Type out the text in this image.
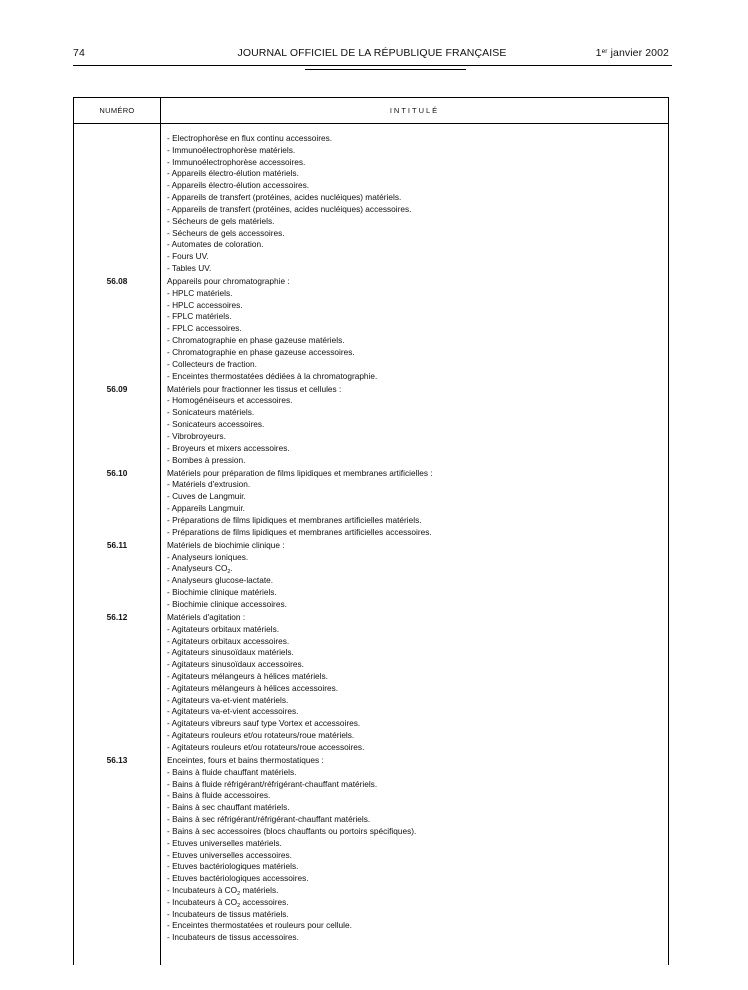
74	JOURNAL OFFICIEL DE LA RÉPUBLIQUE FRANÇAISE	1er janvier 2002
NUMÉRO	INTITULÉ
- Electrophorèse en flux continu accessoires.
- Immunoélectrophorèse matériels.
- Immunoélectrophorèse accessoires.
- Appareils électro-élution matériels.
- Appareils électro-élution accessoires.
- Appareils de transfert (protéines, acides nucléiques) matériels.
- Appareils de transfert (protéines, acides nucléiques) accessoires.
- Sécheurs de gels matériels.
- Sécheurs de gels accessoires.
- Automates de coloration.
- Fours UV.
- Tables UV.
56.08	Appareils pour chromatographie :
- HPLC matériels.
- HPLC accessoires.
- FPLC matériels.
- FPLC accessoires.
- Chromatographie en phase gazeuse matériels.
- Chromatographie en phase gazeuse accessoires.
- Collecteurs de fraction.
- Enceintes thermostatées dédiées à la chromatographie.
56.09	Matériels pour fractionner les tissus et cellules :
- Homogénéiseurs et accessoires.
- Sonicateurs matériels.
- Sonicateurs accessoires.
- Vibrobroyeurs.
- Broyeurs et mixers accessoires.
- Bombes à pression.
56.10	Matériels pour préparation de films lipidiques et membranes artificielles :
- Matériels d'extrusion.
- Cuves de Langmuir.
- Appareils Langmuir.
- Préparations de films lipidiques et membranes artificielles matériels.
- Préparations de films lipidiques et membranes artificielles accessoires.
56.11	Matériels de biochimie clinique :
- Analyseurs ioniques.
- Analyseurs $CO_2$.
- Analyseurs glucose-lactate.
- Biochimie clinique matériels.
- Biochimie clinique accessoires.
56.12	Matériels d'agitation :
- Agitateurs orbitaux matériels.
- Agitateurs orbitaux accessoires.
- Agitateurs sinusoïdaux matériels.
- Agitateurs sinusoïdaux accessoires.
- Agitateurs mélangeurs à hélices matériels.
- Agitateurs mélangeurs à hélices accessoires.
- Agitateurs va-et-vient matériels.
- Agitateurs va-et-vient accessoires.
- Agitateurs vibreurs sauf type Vortex et accessoires.
- Agitateurs rouleurs et/ou rotateurs/roue matériels.
- Agitateurs rouleurs et/ou rotateurs/roue accessoires.
56.13	Enceintes, fours et bains thermostatiques :
- Bains à fluide chauffant matériels.
- Bains à fluide réfrigérant/réfrigérant-chauffant matériels.
- Bains à fluide accessoires.
- Bains à sec chauffant matériels.
- Bains à sec réfrigérant/réfrigérant-chauffant matériels.
- Bains à sec accessoires (blocs chauffants ou portoirs spécifiques).
- Etuves universelles matériels.
- Etuves universelles accessoires.
- Etuves bactériologiques matériels.
- Etuves bactériologiques accessoires.
- Incubateurs à $CO_2$ matériels.
- Incubateurs à $CO_2$ accessoires.
- Incubateurs de tissus matériels.
- Enceintes thermostatées et rouleurs pour cellule.
- Incubateurs de tissus accessoires.
